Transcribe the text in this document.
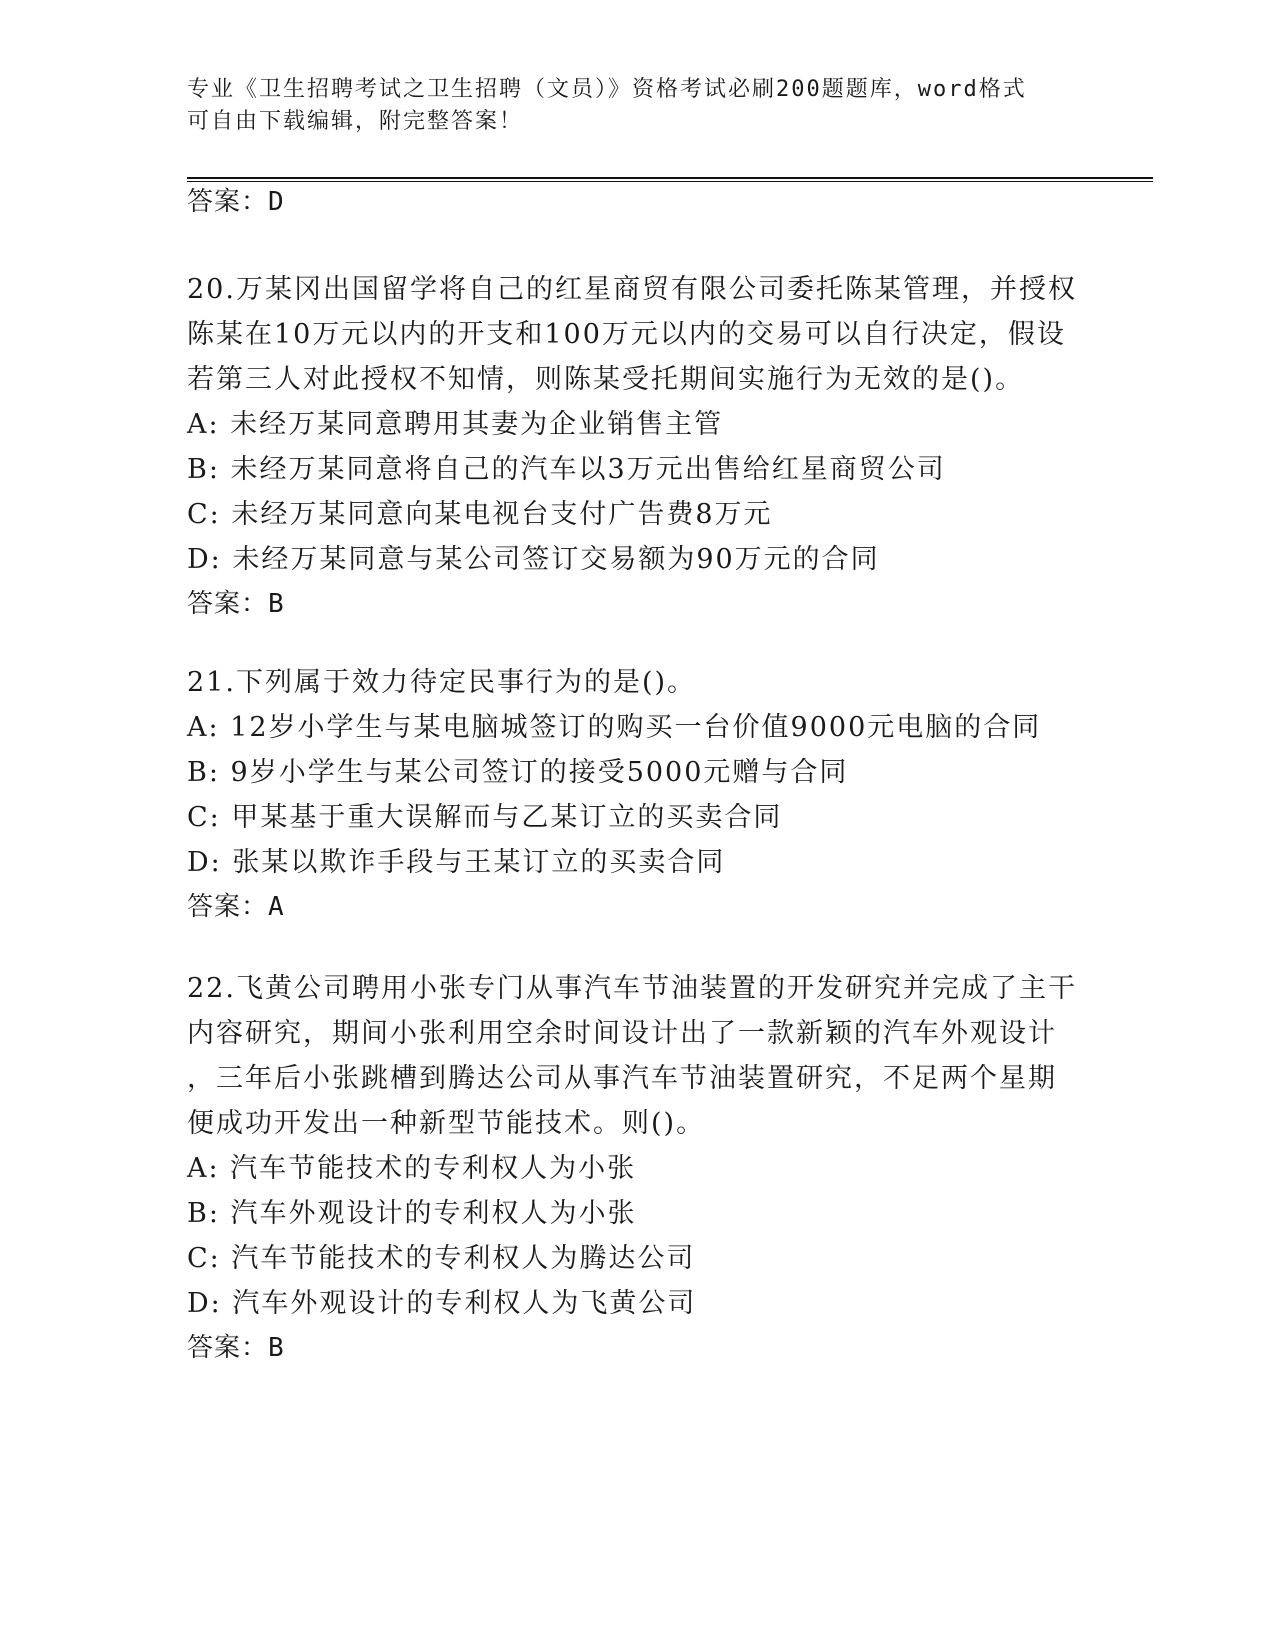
专业《卫生招聘考试之卫生招聘（文员）》资格考试必刷200题题库，word格式
可自由下载编辑，附完整答案！
答案：D
20.万某冈出国留学将自己的红星商贸有限公司委托陈某管理，并授权
陈某在10万元以内的开支和100万元以内的交易可以自行决定，假设
若第三人对此授权不知情，则陈某受托期间实施行为无效的是()。
A: 未经万某同意聘用其妻为企业销售主管
B: 未经万某同意将自己的汽车以3万元出售给红星商贸公司
C: 未经万某同意向某电视台支付广告费8万元
D: 未经万某同意与某公司签订交易额为90万元的合同
答案：B
21.下列属于效力待定民事行为的是()。
A: 12岁小学生与某电脑城签订的购买一台价值9000元电脑的合同
B: 9岁小学生与某公司签订的接受5000元赠与合同
C: 甲某基于重大误解而与乙某订立的买卖合同
D: 张某以欺诈手段与王某订立的买卖合同
答案：A
22.飞黄公司聘用小张专门从事汽车节油装置的开发研究并完成了主干
内容研究，期间小张利用空余时间设计出了一款新颖的汽车外观设计
，三年后小张跳槽到腾达公司从事汽车节油装置研究，不足两个星期
便成功开发出一种新型节能技术。则()。
A: 汽车节能技术的专利权人为小张
B: 汽车外观设计的专利权人为小张
C: 汽车节能技术的专利权人为腾达公司
D: 汽车外观设计的专利权人为飞黄公司
答案：B
